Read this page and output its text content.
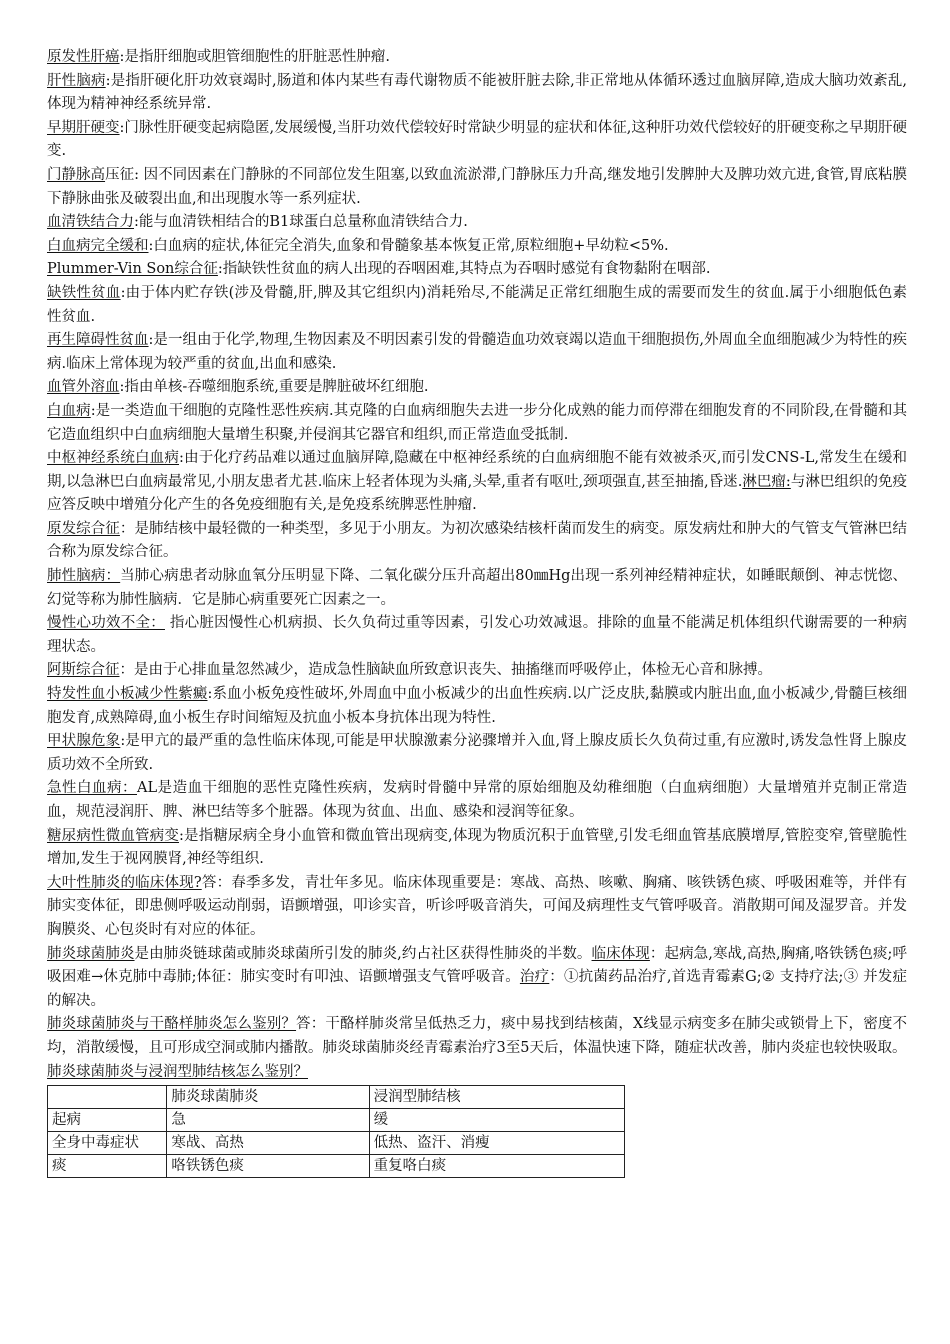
原发性肝癌:是指肝细胞或胆管细胞性的肝脏恶性肿瘤.

肝性脑病:是指肝硬化肝功效衰竭时,肠道和体内某些有毒代谢物质不能被肝脏去除,非正常地从体循环透过血脑屏障,造成大脑功效紊乱,体现为精神神经系统异常.

早期肝硬变:门脉性肝硬变起病隐匿,发展缓慢,当肝功效代偿较好时常缺少明显的症状和体征,这种肝功效代偿较好的肝硬变称之早期肝硬变.

门静脉高压征: 因不同因素在门静脉的不同部位发生阻塞,以致血流淤滞,门静脉压力升高,继发地引发脾肿大及脾功效亢进,食管,胃底粘膜下静脉曲张及破裂出血,和出现腹水等一系列症状.

血清铁结合力:能与血清铁相结合的B1球蛋白总量称血清铁结合力.

白血病完全缓和:白血病的症状,体征完全消失,血象和骨髓象基本恢复正常,原粒细胞+早幼粒<5%.

Plummer-Vin Son综合征:指缺铁性贫血的病人出现的吞咽困难,其特点为吞咽时感觉有食物黏附在咽部.

缺铁性贫血:由于体内贮存铁(涉及骨髓,肝,脾及其它组织内)消耗殆尽,不能满足正常红细胞生成的需要而发生的贫血.属于小细胞低色素性贫血.

再生障碍性贫血:是一组由于化学,物理,生物因素及不明因素引发的骨髓造血功效衰竭以造血干细胞损伤,外周血全血细胞减少为特性的疾病.临床上常体现为较严重的贫血,出血和感染.

血管外溶血:指由单核-吞噬细胞系统,重要是脾脏破坏红细胞.

白血病:是一类造血干细胞的克隆性恶性疾病.其克隆的白血病细胞失去进一步分化成熟的能力而停滞在细胞发育的不同阶段,在骨髓和其它造血组织中白血病细胞大量增生积聚,并侵润其它器官和组织,而正常造血受抵制.

中枢神经系统白血病:由于化疗药品难以通过血脑屏障,隐藏在中枢神经系统的白血病细胞不能有效被杀灭,而引发CNS-L,常发生在缓和期,以急淋巴白血病最常见,小朋友患者尤甚.临床上轻者体现为头痛,头晕,重者有呕吐,颈项强直,甚至抽搐,昏迷.淋巴瘤:与淋巴组织的免疫应答反映中增殖分化产生的各免疫细胞有关,是免疫系统脾恶性肿瘤.

原发综合征：是肺结核中最轻微的一种类型，多见于小朋友。为初次感染结核杆菌而发生的病变。原发病灶和肿大的气管支气管淋巴结合称为原发综合征。

肺性脑病：当肺心病患者动脉血氧分压明显下降、二氧化碳分压升高超出80㎜Hg出现一系列神经精神症状，如睡眠颠倒、神志恍惚、幻觉等称为肺性脑病．它是肺心病重要死亡因素之一。

慢性心功效不全： 指心脏因慢性心机病损、长久负荷过重等因素，引发心功效减退。排除的血量不能满足机体组织代谢需要的一种病理状态。

阿斯综合征：是由于心排血量忽然减少，造成急性脑缺血所致意识丧失、抽搐继而呼吸停止，体检无心音和脉搏。

特发性血小板减少性紫癜:系血小板免疫性破坏,外周血中血小板减少的出血性疾病.以广泛皮肤,黏膜或内脏出血,血小板减少,骨髓巨核细胞发育,成熟障碍,血小板生存时间缩短及抗血小板本身抗体出现为特性.

甲状腺危象:是甲亢的最严重的急性临床体现,可能是甲状腺激素分泌骤增并入血,肾上腺皮质长久负荷过重,有应激时,诱发急性肾上腺皮质功效不全所致.

急性白血病：AL是造血干细胞的恶性克隆性疾病，发病时骨髓中异常的原始细胞及幼稚细胞（白血病细胞）大量增殖并克制正常造血，规范浸润肝、脾、淋巴结等多个脏器。体现为贫血、出血、感染和浸润等征象。

糖尿病性微血管病变:是指糖尿病全身小血管和微血管出现病变,体现为物质沉积于血管壁,引发毛细血管基底膜增厚,管腔变窄,管壁脆性增加,发生于视网膜肾,神经等组织.

大叶性肺炎的临床体现?答：春季多发，青壮年多见。临床体现重要是：寒战、高热、咳嗽、胸痛、咳铁锈色痰、呼吸困难等，并伴有肺实变体征，即患侧呼吸运动削弱，语颤增强，叩诊实音，听诊呼吸音消失，可闻及病理性支气管呼吸音。消散期可闻及湿罗音。并发胸膜炎、心包炎时有对应的体征。

肺炎球菌肺炎是由肺炎链球菌或肺炎球菌所引发的肺炎,约占社区获得性肺炎的半数。临床体现：起病急,寒战,高热,胸痛,咯铁锈色痰;呼吸困难→休克肺中毒肺;体征：肺实变时有叩浊、语颤增强支气管呼吸音。治疗：①抗菌药品治疗,首选青霉素G;② 支持疗法;③ 并发症的解决。

肺炎球菌肺炎与干酪样肺炎怎么鉴别？答：干酪样肺炎常呈低热乏力，痰中易找到结核菌，X线显示病变多在肺尖或锁骨上下，密度不均，消散缓慢，且可形成空洞或肺内播散。肺炎球菌肺炎经青霉素治疗3至5天后，体温快速下降，随症状改善，肺内炎症也较快吸取。

肺炎球菌肺炎与浸润型肺结核怎么鉴别？

	肺炎球菌肺炎	浸润型肺结核
起病	急	缓
全身中毒症状	寒战、高热	低热、盗汗、消瘦
痰	咯铁锈色痰	重复咯白痰
